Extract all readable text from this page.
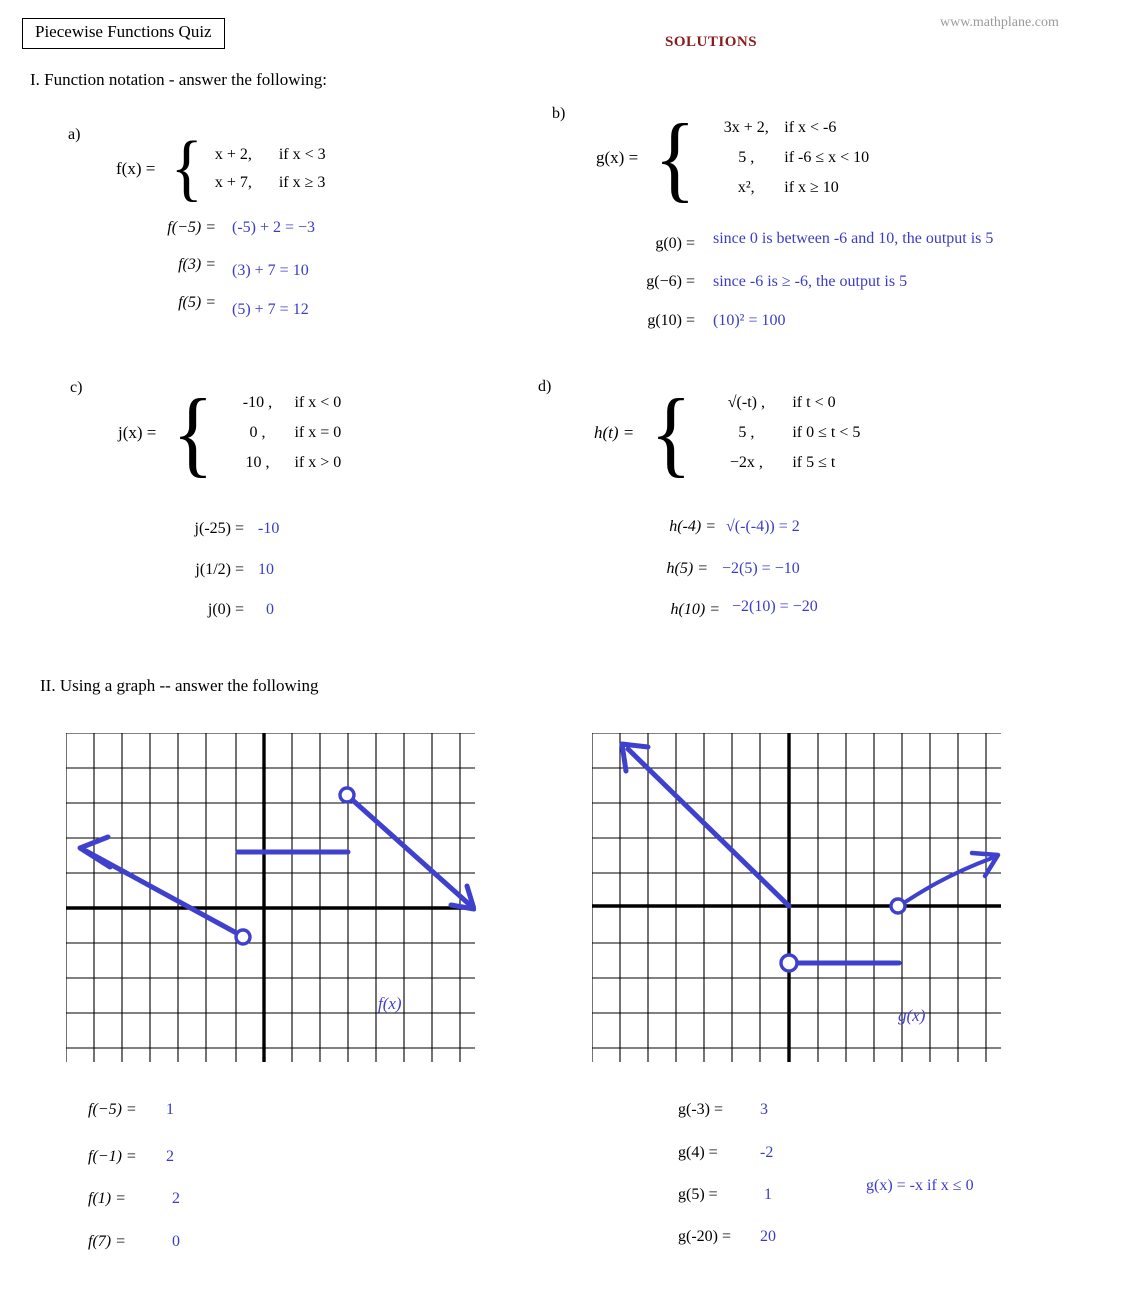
Piecewise Functions Quiz
SOLUTIONS
www.mathplane.com
I. Function notation - answer the following:
a)
f(x) = { x + 2,	if x < 3
x + 7,	if x ≥ 3
f(−5) = (-5) + 2 = −3
f(3) = (3) + 7 = 10
f(5) = (5) + 7 = 12
b)
g(x) = {	3x + 2, if x < -6
5 ,	if -6 ≤ x < 10
x²,	if x ≥ 10
g(0) = since 0 is between -6 and 10, the output is 5
g(−6) = since -6 is ≥ -6, the output is 5
g(10) = (10)² = 100
c)
j(x) = {	-10 ,	if x < 0
0 ,	if x = 0
10 ,	if x > 0
j(-25) = -10
j(1/2) = 10
j(0) = 0
d)
h(t) = {	√(-t) ,	if t < 0
5 ,	if 0 ≤ t < 5
−2x ,	if 5 ≤ t
h(-4) = √(-(-4)) = 2
h(5) = −2(5) = −10
h(10) = −2(10) = −20
II. Using a graph -- answer the following
f(x)
g(x)
f(−5) = 1
f(−1) = 2
f(1) =	2
f(7) =	0
g(-3) = 3
g(4) =	-2
g(5) =	1
g(-20) = 20
g(x) = -x if x ≤ 0
